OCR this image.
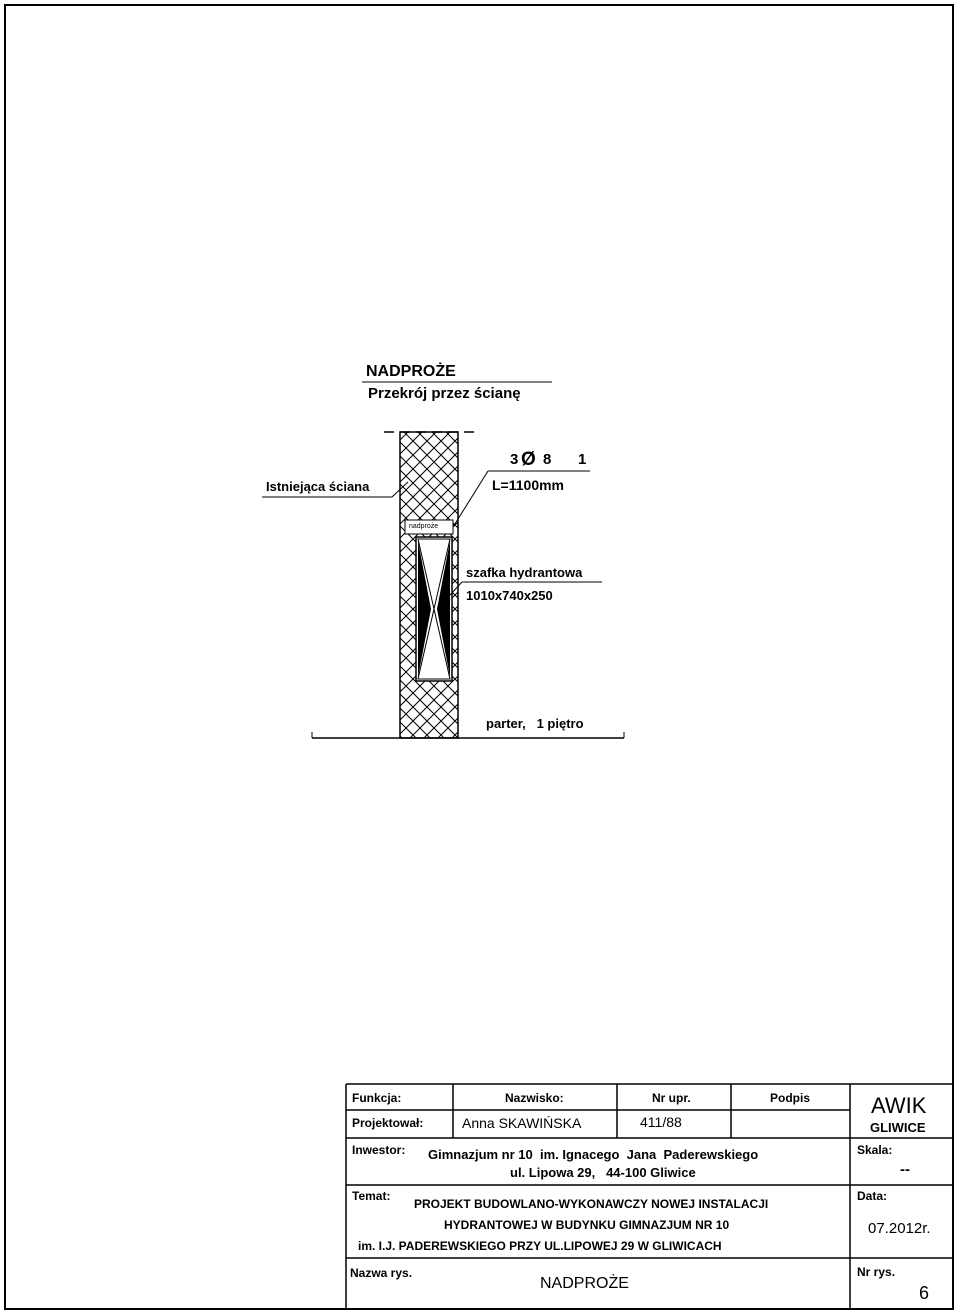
NADPROŻE
Przekrój przez ścianę
Istniejąca ściana
3 Ø 8 1
L=1100mm
nadproże
szafka hydrantowa
1010x740x250
parter,   1 piętro
Funkcja:	Nazwisko:	Nr upr.	Podpis
Projektował:	Anna SKAWIŃSKA	411/88
AWIK
GLIWICE
Inwestor: Gimnazjum nr 10  im. Ignacego  Jana  Paderewskiego
ul. Lipowa 29,   44-100 Gliwice
Skala:
--
Temat:
PROJEKT BUDOWLANO-WYKONAWCZY NOWEJ INSTALACJI
HYDRANTOWEJ W BUDYNKU GIMNAZJUM NR 10
im. I.J. PADEREWSKIEGO PRZY UL.LIPOWEJ 29 W GLIWICACH
Data:
07.2012r.
Nazwa rys.
NADPROŻE
Nr rys.
6
